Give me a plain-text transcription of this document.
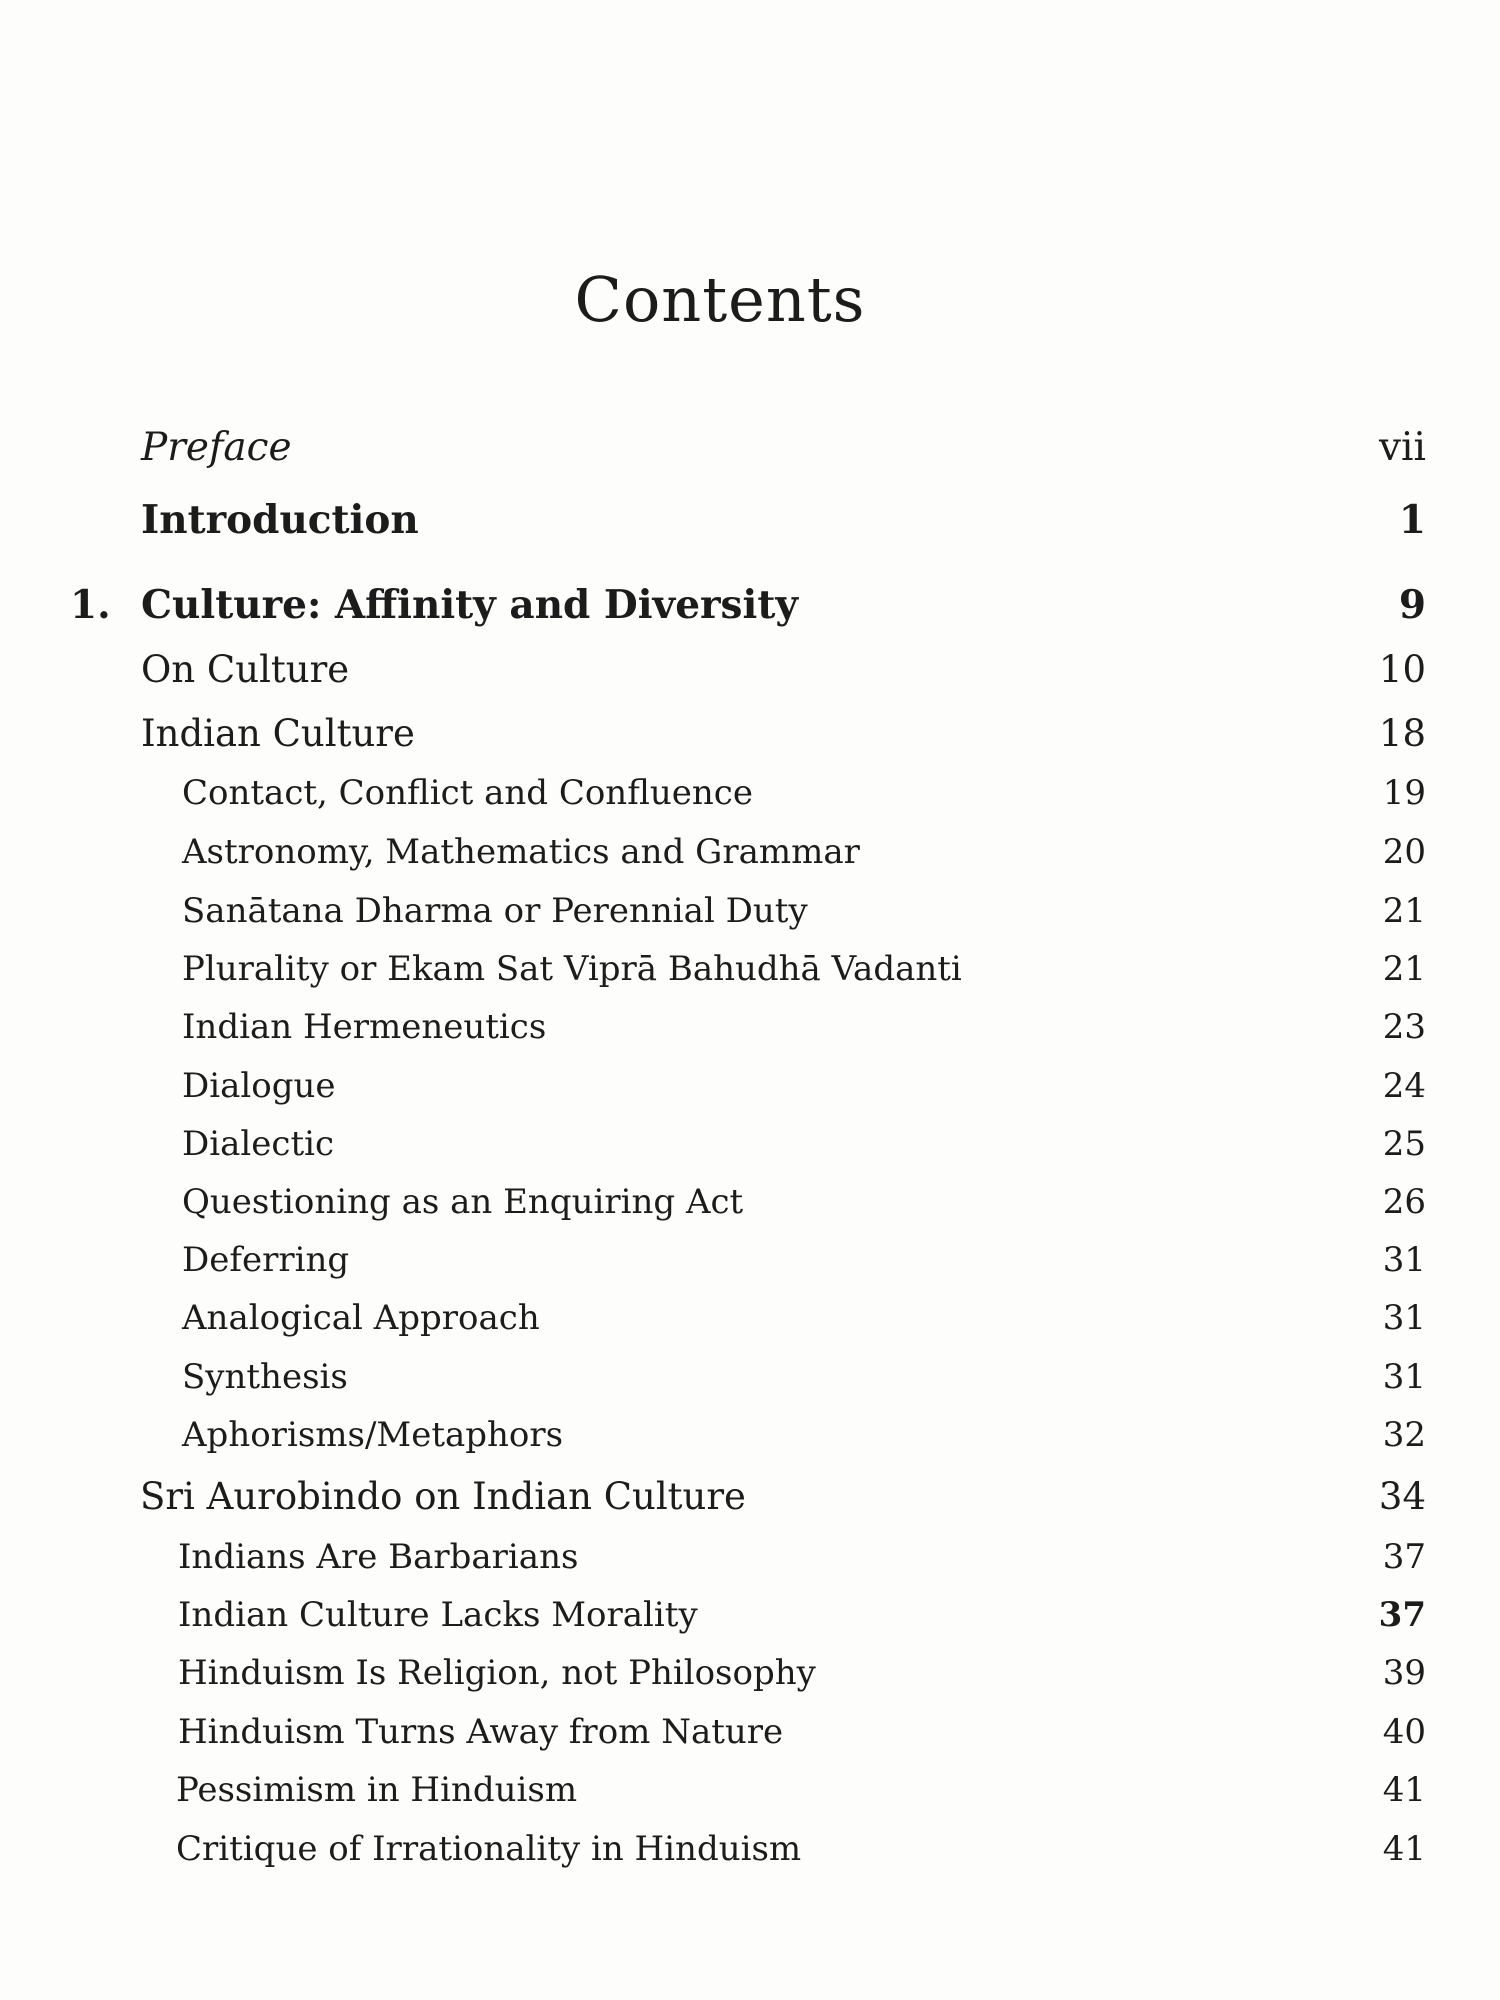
Contents
Preface	vii
Introduction	1
1. Culture: Affinity and Diversity	9
On Culture	10
Indian Culture	18
Contact, Conflict and Confluence	19
Astronomy, Mathematics and Grammar	20
Sanātana Dharma or Perennial Duty	21
Plurality or Ekam Sat Viprā Bahudhā Vadanti	21
Indian Hermeneutics	23
Dialogue	24
Dialectic	25
Questioning as an Enquiring Act	26
Deferring	31
Analogical Approach	31
Synthesis	31
Aphorisms/Metaphors	32
Sri Aurobindo on Indian Culture	34
Indians Are Barbarians	37
Indian Culture Lacks Morality	37
Hinduism Is Religion, not Philosophy	39
Hinduism Turns Away from Nature	40
Pessimism in Hinduism	41
Critique of Irrationality in Hinduism	41
